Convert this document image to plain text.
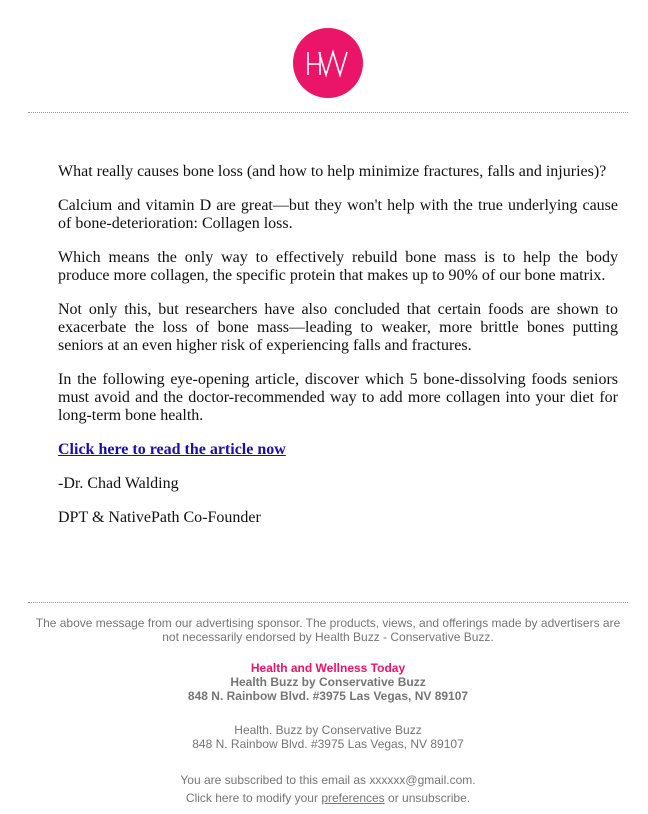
What really causes bone loss (and how to help minimize fractures, falls and injuries)?

Calcium and vitamin D are great—but they won't help with the true underlying cause of bone-deterioration: Collagen loss.

Which means the only way to effectively rebuild bone mass is to help the body produce more collagen, the specific protein that makes up to 90% of our bone matrix.

Not only this, but researchers have also concluded that certain foods are shown to exacerbate the loss of bone mass—leading to weaker, more brittle bones putting seniors at an even higher risk of experiencing falls and fractures.

In the following eye-opening article, discover which 5 bone-dissolving foods seniors must avoid and the doctor-recommended way to add more collagen into your diet for long-term bone health.

Click here to read the article now

-Dr. Chad Walding

DPT & NativePath Co-Founder

The above message from our advertising sponsor. The products, views, and offerings made by advertisers are not necessarily endorsed by Health Buzz - Conservative Buzz.

Health and Wellness Today

Health Buzz by Conservative Buzz

848 N. Rainbow Blvd. #3975 Las Vegas, NV 89107

Health. Buzz by Conservative Buzz

848 N. Rainbow Blvd. #3975 Las Vegas, NV 89107

You are subscribed to this email as xxxxxx@gmail.com.

Click here to modify your preferences or unsubscribe.
